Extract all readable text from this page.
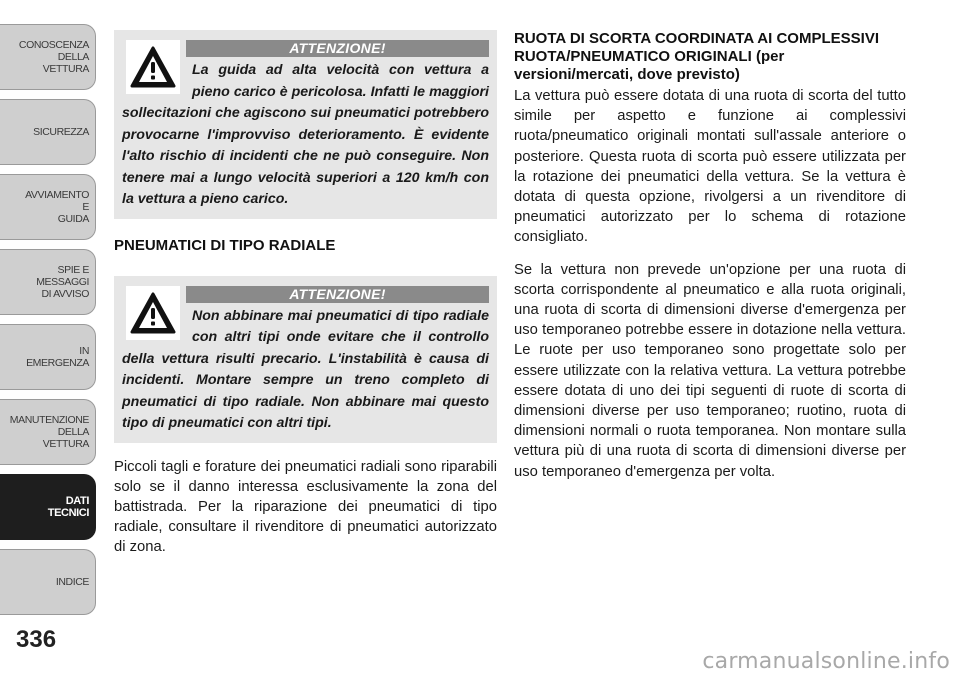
CONOSCENZA
DELLA
VETTURA
SICUREZZA
AVVIAMENTO
E
GUIDA
SPIE E
MESSAGGI
DI AVVISO
IN
EMERGENZA
MANUTENZIONE
DELLA
VETTURA
DATI
TECNICI
INDICE
336
ATTENZIONE!

La guida ad alta velocità con vettura a pieno carico è pericolosa. Infatti le maggiori sollecitazioni che agiscono sui pneumatici potrebbero provocarne l'improvviso deterioramento. È evidente l'alto rischio di incidenti che ne può conseguire. Non tenere mai a lungo velocità superiori a 120 km/h con la vettura a pieno carico.

PNEUMATICI DI TIPO RADIALE
ATTENZIONE!

Non abbinare mai pneumatici di tipo radiale con altri tipi onde evitare che il controllo della vettura risulti precario. L'instabilità è causa di incidenti. Montare sempre un treno completo di pneumatici di tipo radiale. Non abbinare mai questo tipo di pneumatici con altri tipi.

Piccoli tagli e forature dei pneumatici radiali sono riparabili solo se il danno interessa esclusivamente la zona del battistrada. Per la riparazione dei pneumatici di tipo radiale, consultare il rivenditore di pneumatici autorizzato di zona.

RUOTA DI SCORTA COORDINATA AI COMPLESSIVI RUOTA/PNEUMATICO ORIGINALI (per versioni/mercati, dove previsto)

La vettura può essere dotata di una ruota di scorta del tutto simile per aspetto e funzione ai complessivi ruota/pneumatico originali montati sull'assale anteriore o posteriore. Questa ruota di scorta può essere utilizzata per la rotazione dei pneumatici della vettura. Se la vettura è dotata di questa opzione, rivolgersi a un rivenditore di pneumatici autorizzato per lo schema di rotazione consigliato.

Se la vettura non prevede un'opzione per una ruota di scorta corrispondente al pneumatico e alla ruota originali, una ruota di scorta di dimensioni diverse d'emergenza per uso temporaneo potrebbe essere in dotazione nella vettura. Le ruote per uso temporaneo sono progettate solo per essere utilizzate con la relativa vettura. La vettura potrebbe essere dotata di uno dei tipi seguenti di ruote di scorta di dimensioni diverse per uso temporaneo; ruotino, ruota di dimensioni normali o ruota temporanea. Non montare sulla vettura più di una ruota di scorta di dimensioni diverse per uso temporaneo d'emergenza per volta.

carmanualsonline.info
